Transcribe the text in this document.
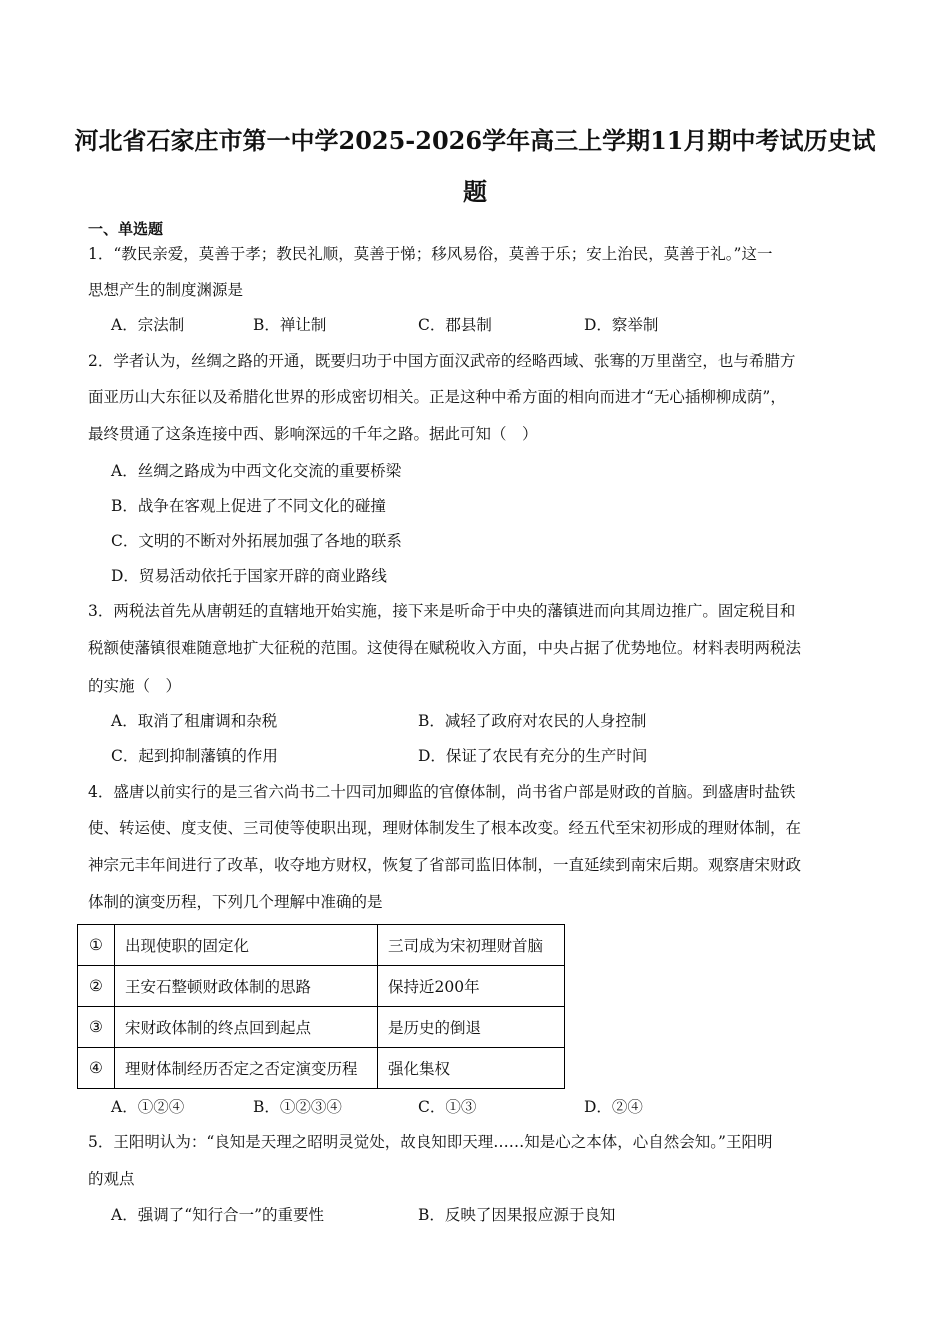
河北省石家庄市第一中学2025-2026学年高三上学期11月期中考试历史试
题
一、单选题
1．“教民亲爱，莫善于孝；教民礼顺，莫善于悌；移风易俗，莫善于乐；安上治民，莫善于礼。”这一
思想产生的制度渊源是
A．宗法制	B．禅让制	C．郡县制	D．察举制
2．学者认为，丝绸之路的开通，既要归功于中国方面汉武帝的经略西域、张骞的万里凿空，也与希腊方
面亚历山大东征以及希腊化世界的形成密切相关。正是这种中希方面的相向而进才“无心插柳柳成荫”，
最终贯通了这条连接中西、影响深远的千年之路。据此可知（　）
A．丝绸之路成为中西文化交流的重要桥梁
B．战争在客观上促进了不同文化的碰撞
C．文明的不断对外拓展加强了各地的联系
D．贸易活动依托于国家开辟的商业路线
3．两税法首先从唐朝廷的直辖地开始实施，接下来是听命于中央的藩镇进而向其周边推广。固定税目和
税额使藩镇很难随意地扩大征税的范围。这使得在赋税收入方面，中央占据了优势地位。材料表明两税法
的实施（　）
A．取消了租庸调和杂税	B．减轻了政府对农民的人身控制
C．起到抑制藩镇的作用	D．保证了农民有充分的生产时间
4．盛唐以前实行的是三省六尚书二十四司加卿监的官僚体制，尚书省户部是财政的首脑。到盛唐时盐铁
使、转运使、度支使、三司使等使职出现，理财体制发生了根本改变。经五代至宋初形成的理财体制，在
神宗元丰年间进行了改革，收夺地方财权，恢复了省部司监旧体制，一直延续到南宋后期。观察唐宋财政
体制的演变历程，下列几个理解中准确的是
①	出现使职的固定化	三司成为宋初理财首脑
②	王安石整顿财政体制的思路	保持近200年
③	宋财政体制的终点回到起点	是历史的倒退
④	理财体制经历否定之否定演变历程	强化集权
A．①②④	B．①②③④	C．①③	D．②④
5．王阳明认为：“良知是天理之昭明灵觉处，故良知即天理……知是心之本体，心自然会知。”王阳明
的观点
A．强调了“知行合一”的重要性	B．反映了因果报应源于良知
